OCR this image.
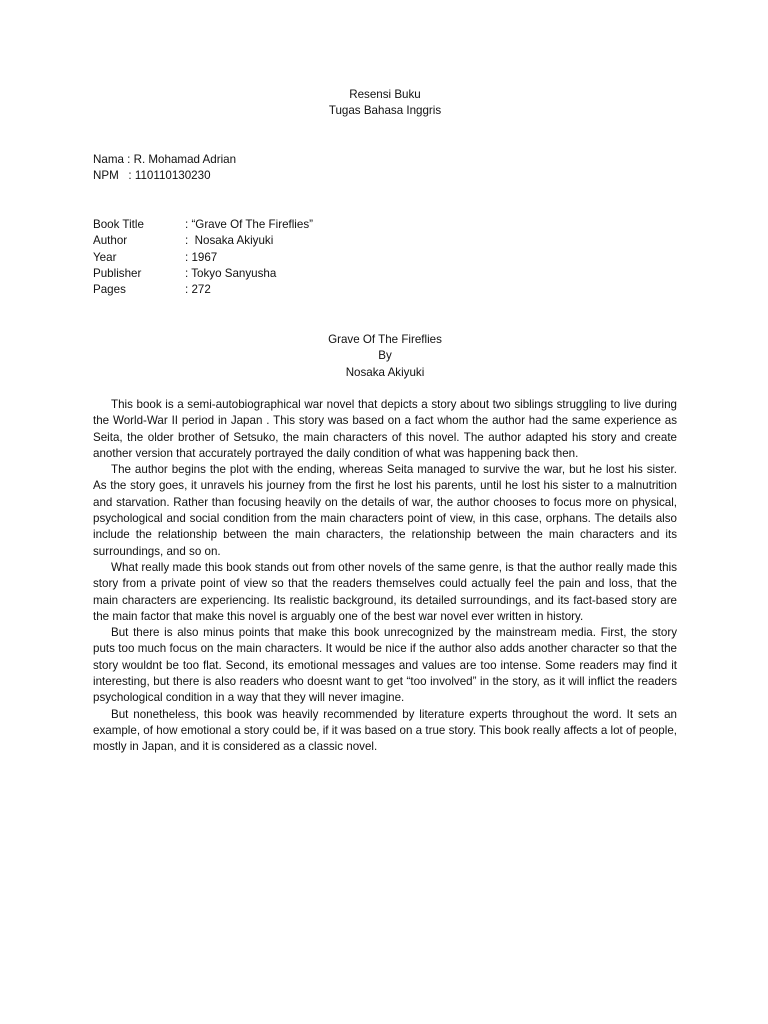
Resensi Buku
Tugas Bahasa Inggris
Nama : R. Mohamad Adrian
NPM   : 110110130230
Book Title	: “Grave Of The Fireflies”
Author	:  Nosaka Akiyuki
Year	: 1967
Publisher	: Tokyo Sanyusha
Pages	: 272
Grave Of The Fireflies
By
Nosaka Akiyuki

This book is a semi-autobiographical war novel that depicts a story about two siblings struggling to live during the World-War II period in Japan . This story was based on a fact whom the author had the same experience as Seita, the older brother of Setsuko, the main characters of this novel. The author adapted his story and create another version that accurately portrayed the daily condition of what was happening back then.

The author begins the plot with the ending, whereas Seita managed to survive the war, but he lost his sister. As the story goes, it unravels his journey from the first he lost his parents, until he lost his sister to a malnutrition and starvation. Rather than focusing heavily on the details of war, the author chooses to focus more on physical, psychological and social condition from the main characters point of view, in this case, orphans. The details also include the relationship between the main characters, the relationship between the main characters and its surroundings, and so on.

What really made this book stands out from other novels of the same genre, is that the author really made this story from a private point of view so that the readers themselves could actually feel the pain and loss, that the main characters are experiencing. Its realistic background, its detailed surroundings, and its fact-based story are the main factor that make this novel is arguably one of the best war novel ever written in history.

But there is also minus points that make this book unrecognized by the mainstream media. First, the story puts too much focus on the main characters. It would be nice if the author also adds another character so that the story wouldnt be too flat. Second, its emotional messages and values are too intense. Some readers may find it interesting, but there is also readers who doesnt want to get “too involved” in the story, as it will inflict the readers psychological condition in a way that they will never imagine.

But nonetheless, this book was heavily recommended by literature experts throughout the word. It sets an example, of how emotional a story could be, if it was based on a true story. This book really affects a lot of people, mostly in Japan, and it is considered as a classic novel.
